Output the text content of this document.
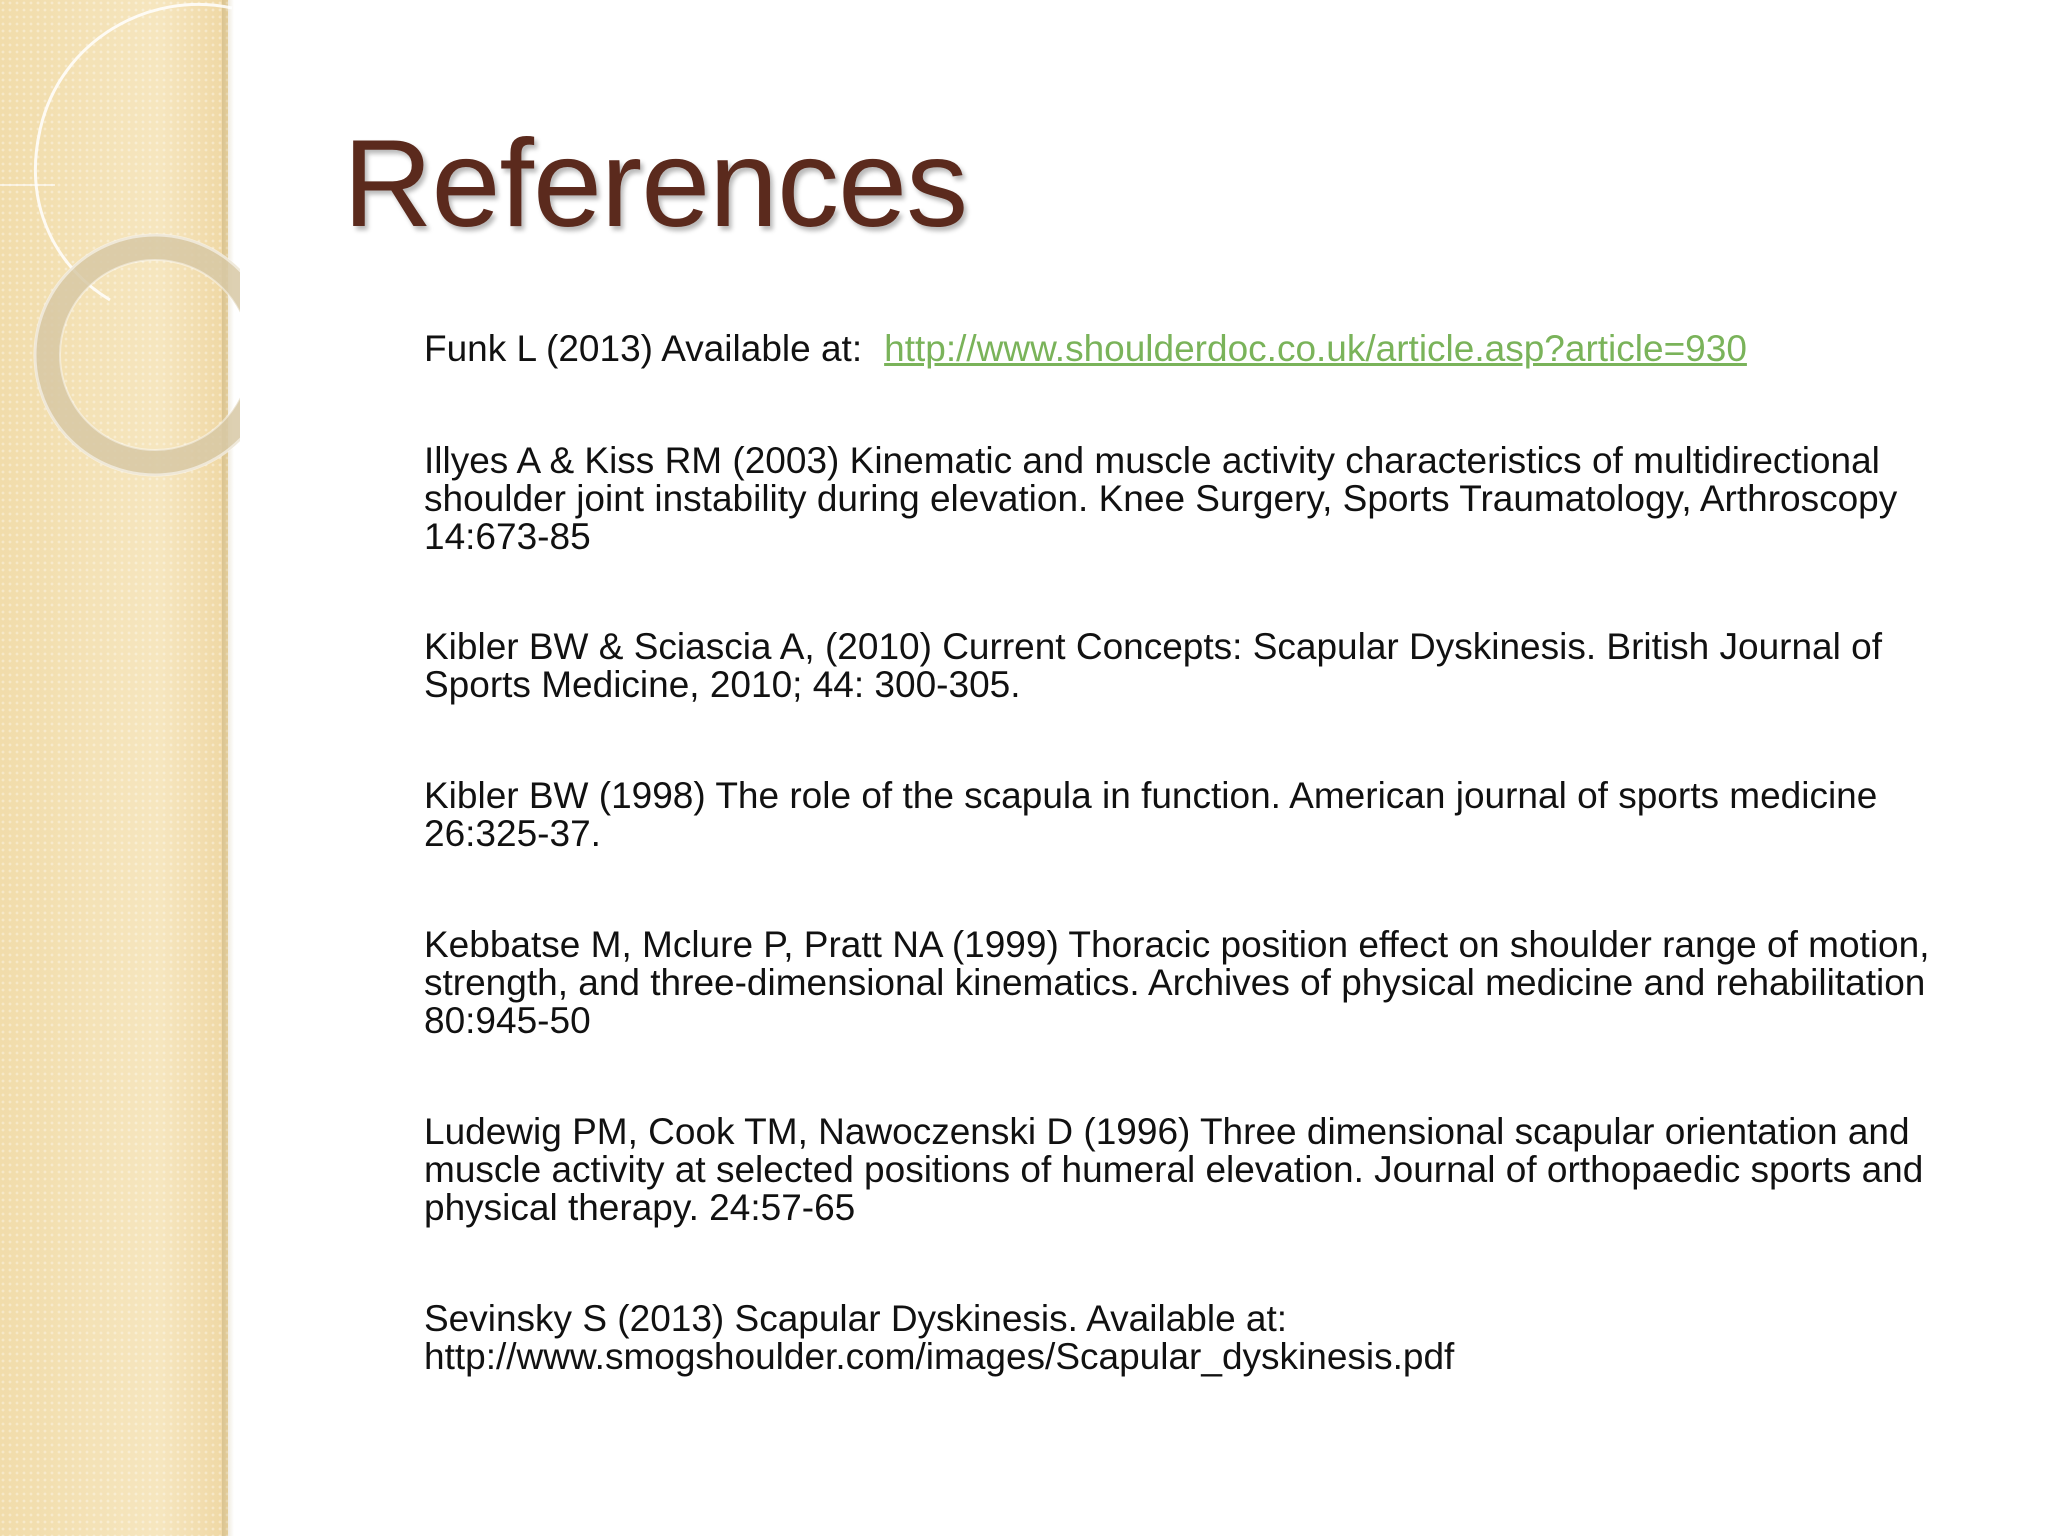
References

Funk L (2013) Available at: http://www.shoulderdoc.co.uk/article.asp?article=930

Illyes A & Kiss RM (2003) Kinematic and muscle activity characteristics of multidirectional shoulder joint instability during elevation. Knee Surgery, Sports Traumatology, Arthroscopy 14:673-85

Kibler BW & Sciascia A, (2010) Current Concepts: Scapular Dyskinesis. British Journal of Sports Medicine, 2010; 44: 300-305.

Kibler BW (1998) The role of the scapula in function. American journal of sports medicine 26:325-37.

Kebbatse M, Mclure P, Pratt NA (1999) Thoracic position effect on shoulder range of motion, strength, and three-dimensional kinematics. Archives of physical medicine and rehabilitation 80:945-50

Ludewig PM, Cook TM, Nawoczenski D (1996) Three dimensional scapular orientation and muscle activity at selected positions of humeral elevation. Journal of orthopaedic sports and physical therapy. 24:57-65

Sevinsky S (2013) Scapular Dyskinesis. Available at: http://www.smogshoulder.com/images/Scapular_dyskinesis.pdf
